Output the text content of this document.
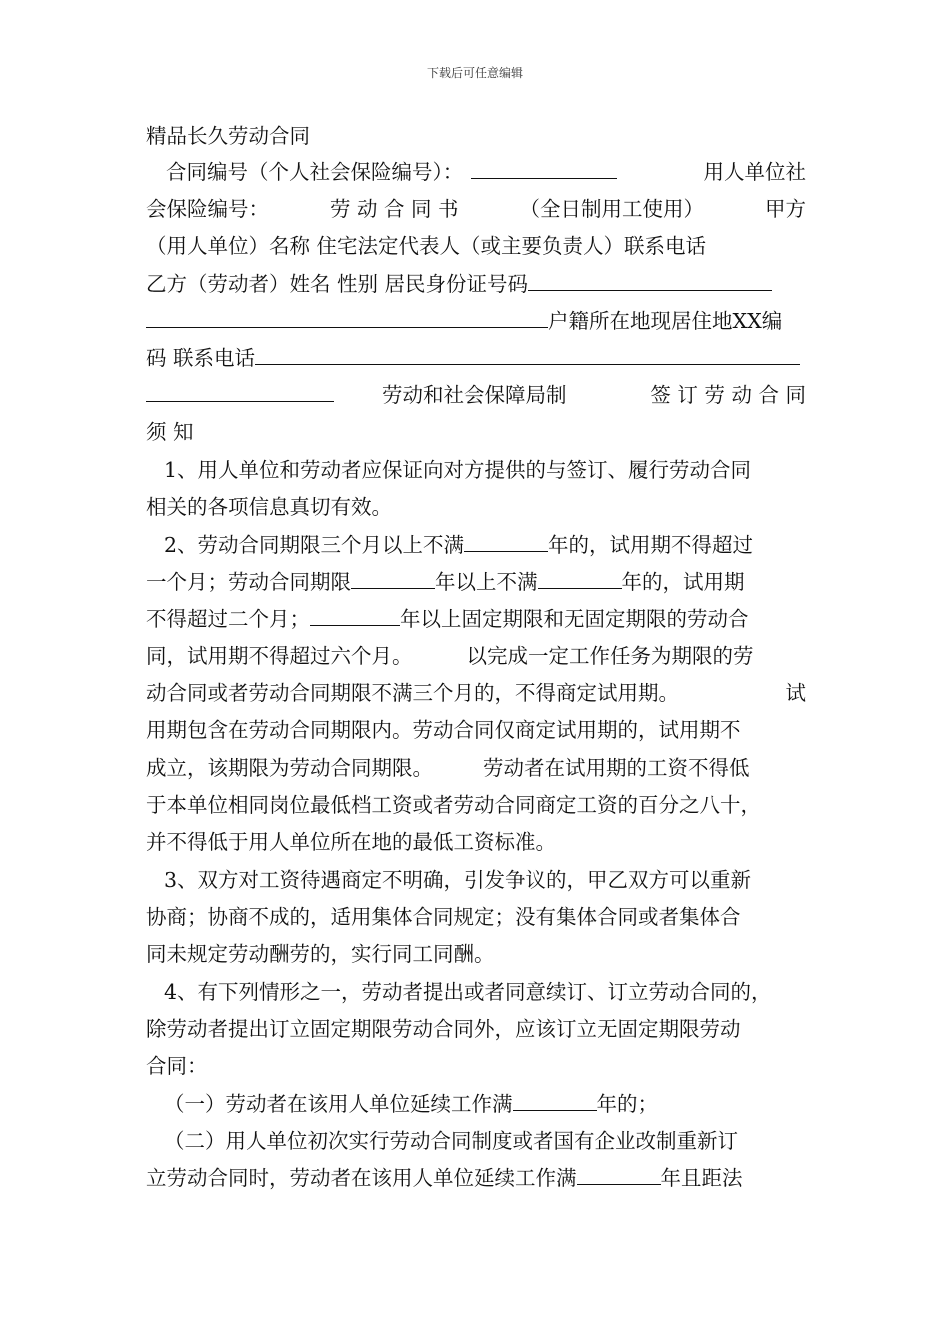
下载后可任意编辑
精品长久劳动合同
合同编号（个人社会保险编号）：	用人单位社
会保险编号：	劳 动 合 同 书	（全日制用工使用）	甲方
（用人单位）名称 住宅法定代表人（或主要负责人）联系电话
乙方（劳动者）姓名 性别 居民身份证号码
户籍所在地现居住地XX编
码 联系电话
劳动和社会保障局制	签 订 劳 动 合 同
须 知
1、用人单位和劳动者应保证向对方提供的与签订、履行劳动合同
相关的各项信息真切有效。
2、劳动合同期限三个月以上不满	年的，试用期不得超过
一个月；劳动合同期限	年以上不满	年的，试用期
不得超过二个月；	年以上固定期限和无固定期限的劳动合
同，试用期不得超过六个月。	以完成一定工作任务为期限的劳
动合同或者劳动合同期限不满三个月的，不得商定试用期。	试
用期包含在劳动合同期限内。劳动合同仅商定试用期的，试用期不
成立，该期限为劳动合同期限。 劳动者在试用期的工资不得低
于本单位相同岗位最低档工资或者劳动合同商定工资的百分之八十，
并不得低于用人单位所在地的最低工资标准。
3、双方对工资待遇商定不明确，引发争议的，甲乙双方可以重新
协商；协商不成的，适用集体合同规定；没有集体合同或者集体合
同未规定劳动酬劳的，实行同工同酬。
4、有下列情形之一，劳动者提出或者同意续订、订立劳动合同的，
除劳动者提出订立固定期限劳动合同外，应该订立无固定期限劳动
合同：
（一）劳动者在该用人单位延续工作满	年的；
（二）用人单位初次实行劳动合同制度或者国有企业改制重新订
立劳动合同时，劳动者在该用人单位延续工作满	年且距法
